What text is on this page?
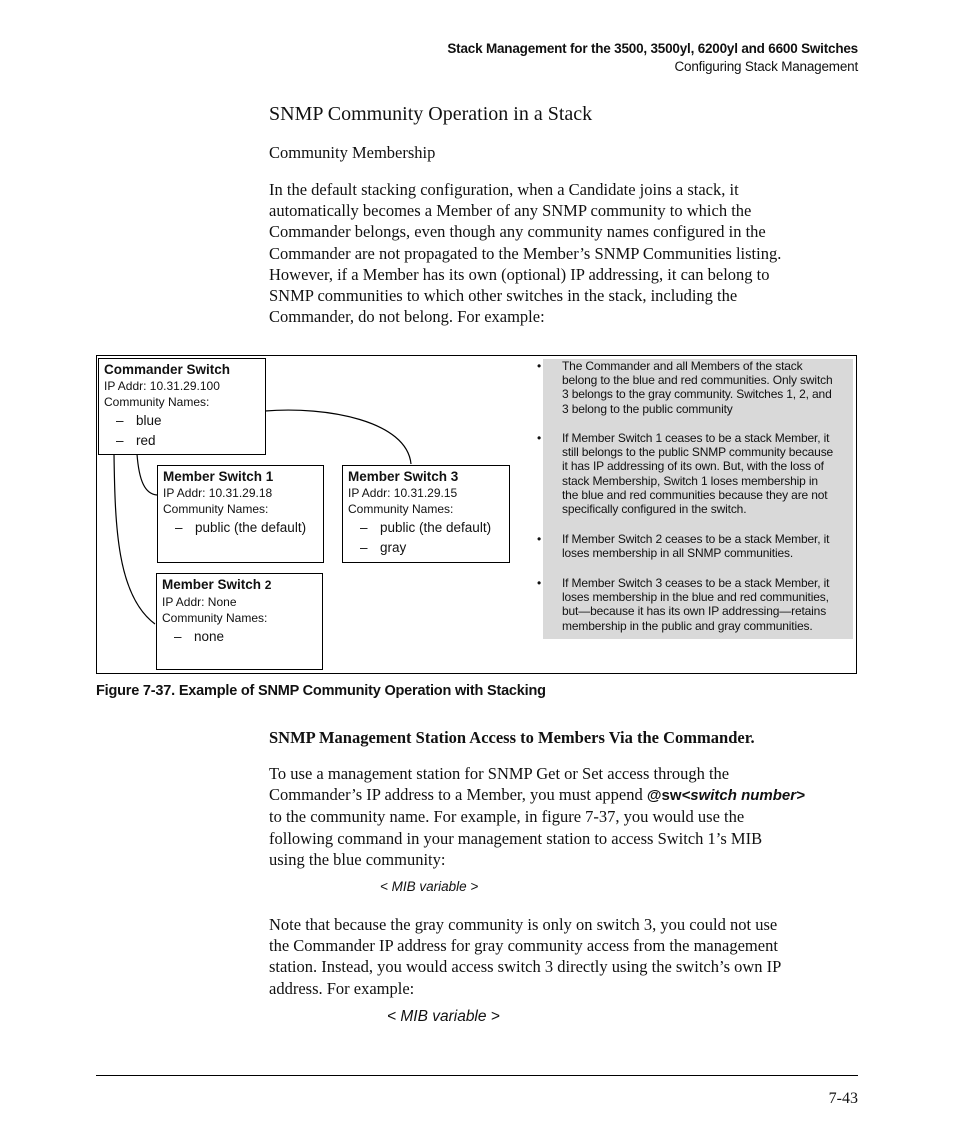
Stack Management for the 3500, 3500yl, 6200yl and 6600 Switches
Configuring Stack Management
SNMP Community Operation in a Stack
Community Membership
In the default stacking configuration, when a Candidate joins a stack, it
automatically becomes a Member of any SNMP community to which the
Commander belongs, even though any community names configured in the
Commander are not propagated to the Member’s SNMP Communities listing.
However, if a Member has its own (optional) IP addressing, it can belong to
SNMP communities to which other switches in the stack, including the
Commander, do not belong. For example:
Commander Switch
IP Addr: 10.31.29.100
Community Names:
– blue
– red
Member Switch 1
IP Addr: 10.31.29.18
Community Names:
– public (the default)
Member Switch 3
IP Addr: 10.31.29.15
Community Names:
– public (the default)
– gray
Member Switch 2
IP Addr: None
Community Names:
– none
•	The Commander and all Members of the stack
belong to the blue and red communities. Only switch
3 belongs to the gray community. Switches 1, 2, and
3 belong to the public community
•	If Member Switch 1 ceases to be a stack Member, it
still belongs to the public SNMP community because
it has IP addressing of its own. But, with the loss of
stack Membership, Switch 1 loses membership in
the blue and red communities because they are not
specifically configured in the switch.
•	If Member Switch 2 ceases to be a stack Member, it
loses membership in all SNMP communities.
•	If Member Switch 3 ceases to be a stack Member, it
loses membership in the blue and red communities,
but—because it has its own IP addressing—retains
membership in the public and gray communities.
Figure 7-37. Example of SNMP Community Operation with Stacking
SNMP Management Station Access to Members Via the Commander.
To use a management station for SNMP Get or Set access through the
Commander’s IP address to a Member, you must append @sw<switch number>
to the community name. For example, in figure 7-37, you would use the
following command in your management station to access Switch 1’s MIB
using the blue community:
< MIB variable >
Note that because the gray community is only on switch 3, you could not use
the Commander IP address for gray community access from the management
station. Instead, you would access switch 3 directly using the switch’s own IP
address. For example:
< MIB variable >
7-43
